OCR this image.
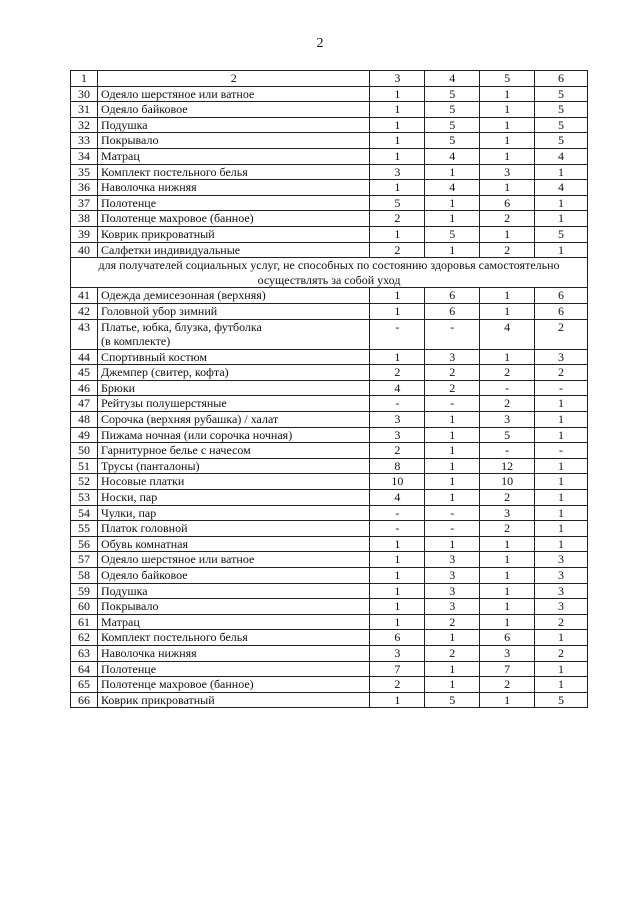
2
1	2	3	4	5	6
30	Одеяло шерстяное или ватное	1	5	1	5
31	Одеяло байковое	1	5	1	5
32	Подушка	1	5	1	5
33	Покрывало	1	5	1	5
34	Матрац	1	4	1	4
35	Комплект постельного белья	3	1	3	1
36	Наволочка нижняя	1	4	1	4
37	Полотенце	5	1	6	1
38	Полотенце махровое (банное)	2	1	2	1
39	Коврик прикроватный	1	5	1	5
40	Салфетки индивидуальные	2	1	2	1
для получателей социальных услуг, не способных по состоянию здоровья самостоятельно осуществлять за собой уход					
41	Одежда демисезонная (верхняя)	1	6	1	6
42	Головной убор зимний	1	6	1	6
43	Платье, юбка, блузка, футболка
(в комплекте)	-	-	4	2
44	Спортивный костюм	1	3	1	3
45	Джемпер (свитер, кофта)	2	2	2	2
46	Брюки	4	2	-	-
47	Рейтузы полушерстяные	-	-	2	1
48	Сорочка (верхняя рубашка) / халат	3	1	3	1
49	Пижама ночная (или сорочка ночная)	3	1	5	1
50	Гарнитурное белье с начесом	2	1	-	-
51	Трусы (панталоны)	8	1	12	1
52	Носовые платки	10	1	10	1
53	Носки, пар	4	1	2	1
54	Чулки, пар	-	-	3	1
55	Платок головной	-	-	2	1
56	Обувь комнатная	1	1	1	1
57	Одеяло шерстяное или ватное	1	3	1	3
58	Одеяло байковое	1	3	1	3
59	Подушка	1	3	1	3
60	Покрывало	1	3	1	3
61	Матрац	1	2	1	2
62	Комплект постельного белья	6	1	6	1
63	Наволочка нижняя	3	2	3	2
64	Полотенце	7	1	7	1
65	Полотенце махровое (банное)	2	1	2	1
66	Коврик прикроватный	1	5	1	5
